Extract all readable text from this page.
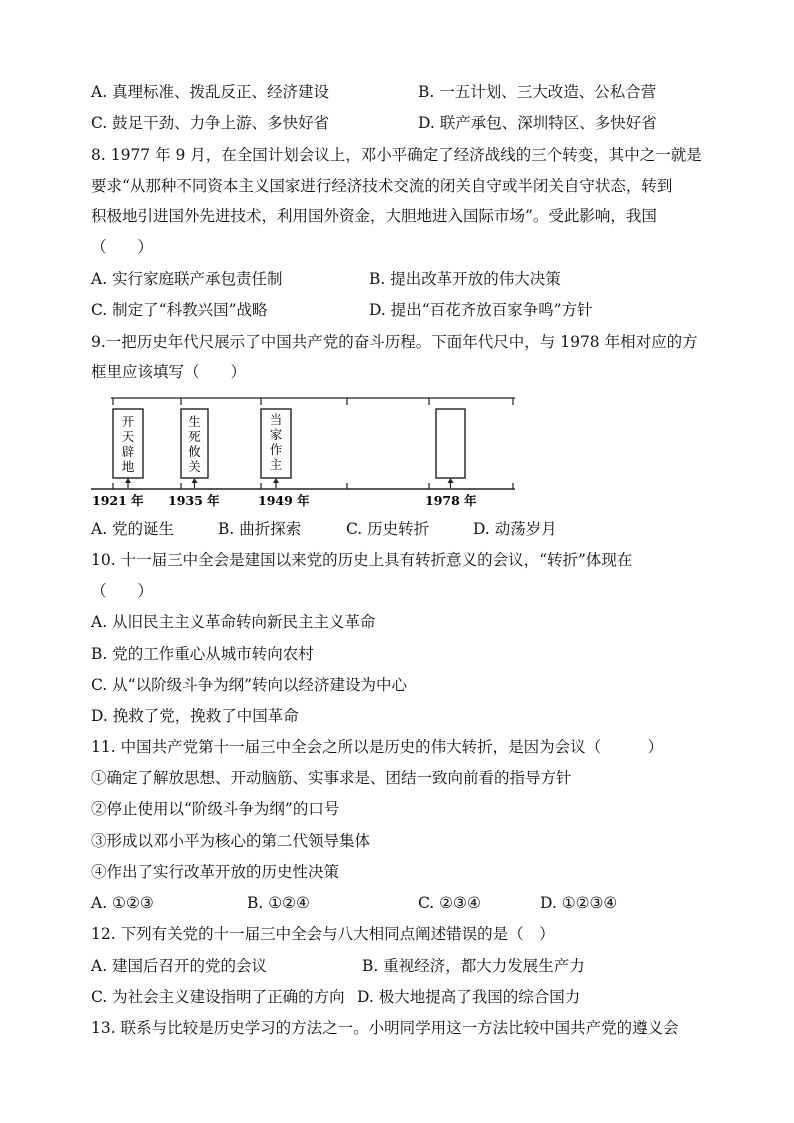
A. 真理标准、拨乱反正、经济建设	B. 一五计划、三大改造、公私合营
C. 鼓足干劲、力争上游、多快好省	D. 联产承包、深圳特区、多快好省
8. 1977 年 9 月，在全国计划会议上，邓小平确定了经济战线的三个转变，其中之一就是
要求“从那种不同资本主义国家进行经济技术交流的闭关自守或半闭关自守状态，转到
积极地引进国外先进技术，利用国外资金，大胆地进入国际市场”。受此影响，我国
（　　）
A. 实行家庭联产承包责任制	B. 提出改革开放的伟大决策
C. 制定了“科教兴国”战略	D. 提出“百花齐放百家争鸣”方针
9.一把历史年代尺展示了中国共产党的奋斗历程。下面年代尺中，与 1978 年相对应的方
框里应该填写（　　）
开
天
辟
地
生
死
攸
关
当
家
作
主
1921 年 1935 年	1949 年	1978 年
A. 党的诞生	B. 曲折探索	C. 历史转折	D. 动荡岁月
10. 十一届三中全会是建国以来党的历史上具有转折意义的会议，“转折”体现在
（　　）
A. 从旧民主主义革命转向新民主主义革命
B. 党的工作重心从城市转向农村
C. 从“以阶级斗争为纲”转向以经济建设为中心
D. 挽救了党，挽救了中国革命
11. 中国共产党第十一届三中全会之所以是历史的伟大转折，是因为会议（　　　）
①确定了解放思想、开动脑筋、实事求是、团结一致向前看的指导方针
②停止使用以“阶级斗争为纲”的口号
③形成以邓小平为核心的第二代领导集体
④作出了实行改革开放的历史性决策
A. ①②③	B. ①②④	C. ②③④	D. ①②③④
12. 下列有关党的十一届三中全会与八大相同点阐述错误的是（　）
A. 建国后召开的党的会议	B. 重视经济，都大力发展生产力
C. 为社会主义建设指明了正确的方向 D. 极大地提高了我国的综合国力
13. 联系与比较是历史学习的方法之一。小明同学用这一方法比较中国共产党的遵义会
